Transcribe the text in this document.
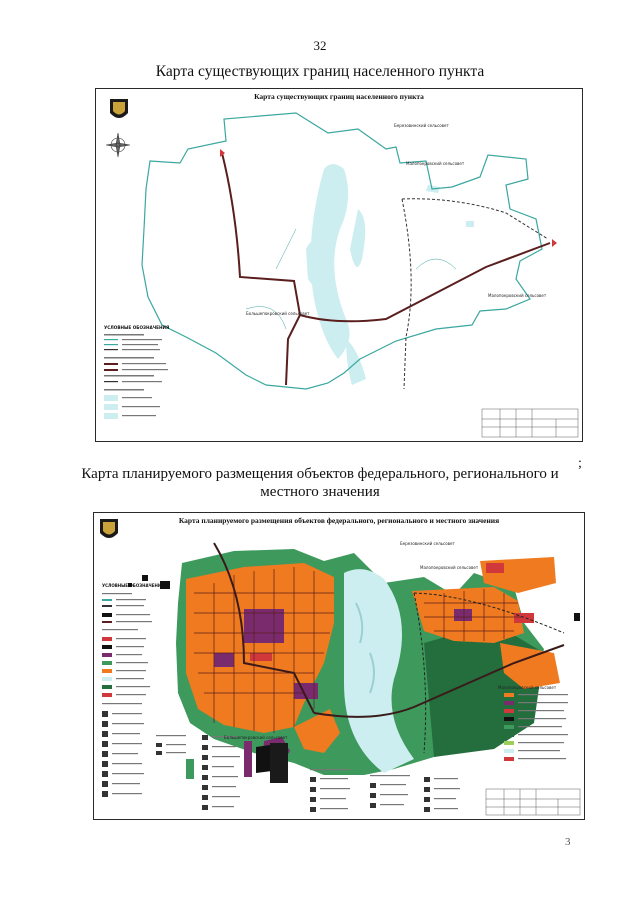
32
Карта существующих границ населенного пункта
Карта существующих границ населенного пункта
УСЛОВНЫЕ ОБОЗНАЧЕНИЯ
Березовинский сельсовет
Малопокровский сельсовет
Малопокровский сельсовет
Большепокровский сельсовет
;
Карта планируемого размещения объектов федерального, регионального и местного значения
Карта планируемого размещения объектов федерального, регионального и местного значения
УСЛОВНЫЕ ОБОЗНАЧЕНИЯ
Березовинский сельсовет
Малопокровский сельсовет
Малопокровский сельсовет
Большепокровский сельсовет
3
